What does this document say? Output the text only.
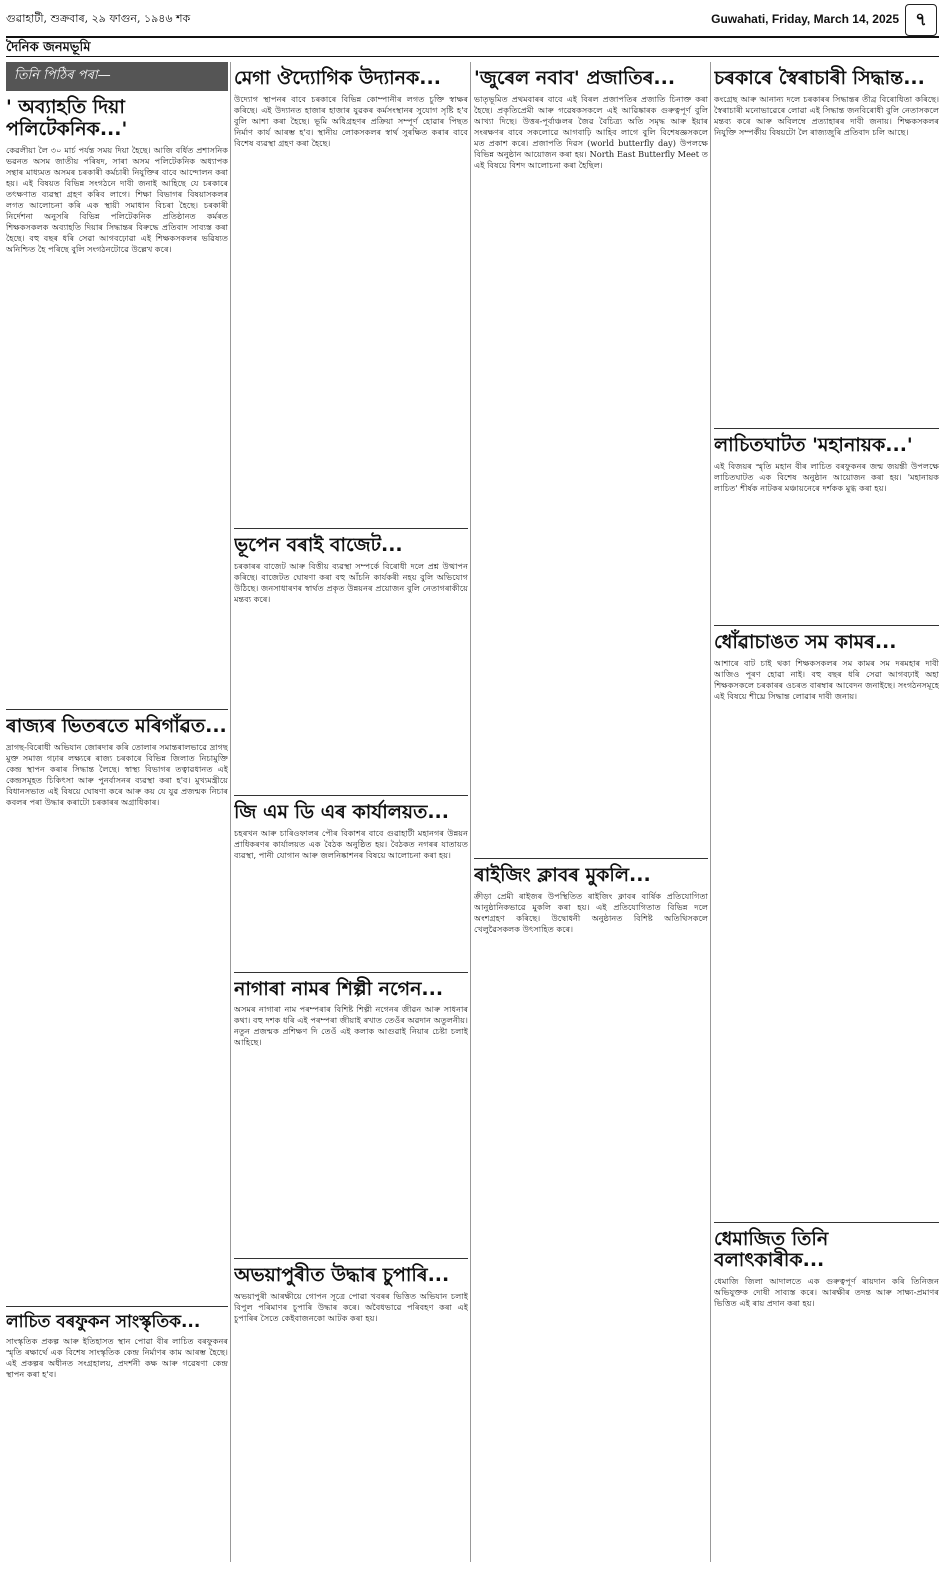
গুৱাহাটী, শুক্ৰবাৰ, ২৯ ফাগুন, ১৯৪৬ শক	Guwahati, Friday, March 14, 2025 ৭
দৈনিক জনমভূমি
তিনি পিঠিৰ পৰা—
' অব্যাহতি দিয়া পলিটেকনিক...'

কেৱলীয়া লৈ ৩০ মাৰ্চ পৰ্যন্ত সময় দিয়া হৈছে। আজি বৰ্ধিত প্ৰশাসনিক ভৱনত অসম জাতীয় পৰিষদ, সাৰা অসম পলিটেকনিক অধ্যাপক সন্থাৰ মাধ্যমত অসমৰ চৰকাৰী কৰ্মচাৰী নিযুক্তিৰ বাবে আন্দোলন কৰা হয়। এই বিষয়ত বিভিন্ন সংগঠনে দাবী জনাই আহিছে যে চৰকাৰে তৎক্ষণাত ব্যৱস্থা গ্ৰহণ কৰিব লাগে। শিক্ষা বিভাগৰ বিষয়াসকলৰ লগত আলোচনা কৰি এক স্থায়ী সমাধান বিচৰা হৈছে। চৰকাৰী নিৰ্দেশনা অনুসৰি বিভিন্ন পলিটেকনিক প্ৰতিষ্ঠানত কৰ্মৰত শিক্ষকসকলক অব্যাহতি দিয়াৰ সিদ্ধান্তৰ বিৰুদ্ধে প্ৰতিবাদ সাব্যস্ত কৰা হৈছে। বহু বছৰ ধৰি সেৱা আগবঢ়োৱা এই শিক্ষকসকলৰ ভৱিষ্যত অনিশ্চিত হৈ পৰিছে বুলি সংগঠনটোৱে উল্লেখ কৰে।

ৰাজ্যৰ ভিতৰতে মৰিগাঁৱত...

দ্ৰাগছ-বিৰোধী অভিযান জোৰদাৰ কৰি তোলাৰ সমান্তৰালভাৱে দ্ৰাগছ মুক্ত সমাজ গঢ়াৰ লক্ষ্যৰে ৰাজ্য চৰকাৰে বিভিন্ন জিলাত নিচামুক্তি কেন্দ্ৰ স্থাপন কৰাৰ সিদ্ধান্ত লৈছে। স্বাস্থ্য বিভাগৰ তত্বাৱধানত এই কেন্দ্ৰসমূহত চিকিৎসা আৰু পুনৰ্বাসনৰ ব্যৱস্থা কৰা হ'ব। মুখ্যমন্ত্ৰীয়ে বিধানসভাত এই বিষয়ে ঘোষণা কৰে আৰু কয় যে যুৱ প্ৰজন্মক নিচাৰ কবলৰ পৰা উদ্ধাৰ কৰাটো চৰকাৰৰ অগ্ৰাধিকাৰ।

লাচিত বৰফুকন সাংস্কৃতিক...

সাংস্কৃতিক প্ৰকল্প আৰু ইতিহাসত স্থান পোৱা বীৰ লাচিত বৰফুকনৰ স্মৃতি ৰক্ষাৰ্থে এক বিশেষ সাংস্কৃতিক কেন্দ্ৰ নিৰ্মাণৰ কাম আৰম্ভ হৈছে। এই প্ৰকল্পৰ অধীনত সংগ্ৰহালয়, প্ৰদৰ্শনী কক্ষ আৰু গৱেষণা কেন্দ্ৰ স্থাপন কৰা হ'ব।

মেগা ঔদ্যোগিক উদ্যানক...

উদ্যোগ স্থাপনৰ বাবে চৰকাৰে বিভিন্ন কোম্পানীৰ লগত চুক্তি স্বাক্ষৰ কৰিছে। এই উদ্যানত হাজাৰ হাজাৰ যুৱকৰ কৰ্মসংস্থানৰ সুযোগ সৃষ্টি হ'ব বুলি আশা কৰা হৈছে। ভূমি অধিগ্ৰহণৰ প্ৰক্ৰিয়া সম্পূৰ্ণ হোৱাৰ পিছত নিৰ্মাণ কাৰ্য আৰম্ভ হ'ব। স্থানীয় লোকসকলৰ স্বাৰ্থ সুৰক্ষিত কৰাৰ বাবে বিশেষ ব্যৱস্থা গ্ৰহণ কৰা হৈছে।

ভূপেন বৰাই বাজেট...

চৰকাৰৰ বাজেট আৰু বিত্তীয় ব্যৱস্থা সম্পৰ্কে বিৰোধী দলে প্ৰশ্ন উত্থাপন কৰিছে। বাজেটত ঘোষণা কৰা বহু আঁচনি কাৰ্যকৰী নহয় বুলি অভিযোগ উঠিছে। জনসাধাৰণৰ স্বাৰ্থত প্ৰকৃত উন্নয়নৰ প্ৰয়োজন বুলি নেতাগৰাকীয়ে মন্তব্য কৰে।

জি এম ডি এৰ কাৰ্যালয়ত...

চহৰখন আৰু চাৰিওফালৰ পৌৰ বিকাশৰ বাবে গুৱাহাটী মহানগৰ উন্নয়ন প্ৰাধিকৰণৰ কাৰ্যালয়ত এক বৈঠক অনুষ্ঠিত হয়। বৈঠকত নগৰৰ যাতায়ত ব্যৱস্থা, পানী যোগান আৰু জলনিষ্কাশনৰ বিষয়ে আলোচনা কৰা হয়।

নাগাৰা নামৰ শিল্পী নগেন...

অসমৰ নাগাৰা নাম পৰম্পৰাৰ বিশিষ্ট শিল্পী নগেনৰ জীৱন আৰু সাধনাৰ কথা। বহু দশক ধৰি এই পৰম্পৰা জীয়াই ৰখাত তেওঁৰ অৱদান অতুলনীয়। নতুন প্ৰজন্মক প্ৰশিক্ষণ দি তেওঁ এই কলাক আগুৱাই নিয়াৰ চেষ্টা চলাই আহিছে।

অভয়াপুৰীত উদ্ধাৰ চুপাৰি...

অভয়াপুৰী আৰক্ষীয়ে গোপন সূত্ৰে পোৱা খবৰৰ ভিত্তিত অভিযান চলাই বিপুল পৰিমাণৰ চুপাৰি উদ্ধাৰ কৰে। অবৈধভাৱে পৰিবহণ কৰা এই চুপাৰিৰ সৈতে কেইবাজনকো আটক কৰা হয়।

'জুৰেল নবাব' প্ৰজাতিৰ...

ভাতৃভূমিত প্ৰথমবাৰৰ বাবে এই বিৰল প্ৰজাপতিৰ প্ৰজাতি চিনাক্ত কৰা হৈছে। প্ৰকৃতিপ্ৰেমী আৰু গৱেষকসকলে এই আৱিষ্কাৰক গুৰুত্বপূৰ্ণ বুলি আখ্যা দিছে। উত্তৰ-পূৰ্বাঞ্চলৰ জৈৱ বৈচিত্ৰ্য অতি সমৃদ্ধ আৰু ইয়াৰ সংৰক্ষণৰ বাবে সকলোৱে আগবাঢ়ি আহিব লাগে বুলি বিশেষজ্ঞসকলে মত প্ৰকাশ কৰে। প্ৰজাপতি দিৱস (world butterfly day) উপলক্ষে বিভিন্ন অনুষ্ঠান আয়োজন কৰা হয়। North East Butterfly Meet ত এই বিষয়ে বিশদ আলোচনা কৰা হৈছিল।

ৰাইজিং ক্লাবৰ মুকলি...

ক্ৰীড়া প্ৰেমী ৰাইজৰ উপস্থিতিত ৰাইজিং ক্লাবৰ বাৰ্ষিক প্ৰতিযোগিতা আনুষ্ঠানিকভাৱে মুকলি কৰা হয়। এই প্ৰতিযোগিতাত বিভিন্ন দলে অংশগ্ৰহণ কৰিছে। উদ্বোধনী অনুষ্ঠানত বিশিষ্ট অতিথিসকলে খেলুৱৈসকলক উৎসাহিত কৰে।

চৰকাৰে স্বৈৰাচাৰী সিদ্ধান্ত...

কংগ্ৰেছ আৰু আনান্য দলে চৰকাৰৰ সিদ্ধান্তৰ তীব্ৰ বিৰোধিতা কৰিছে। স্বৈৰাচাৰী মনোভাৱেৰে লোৱা এই সিদ্ধান্ত জনবিৰোধী বুলি নেতাসকলে মন্তব্য কৰে আৰু অবিলম্বে প্ৰত্যাহাৰৰ দাবী জনায়। শিক্ষকসকলৰ নিযুক্তি সম্পৰ্কীয় বিষয়টো লৈ ৰাজ্যজুৰি প্ৰতিবাদ চলি আছে।

লাচিতঘাটত 'মহানায়ক...'

এই বিজয়ৰ স্মৃতি মহান বীৰ লাচিত বৰফুকনৰ জন্ম জয়ন্তী উপলক্ষে লাচিতঘাটত এক বিশেষ অনুষ্ঠান আয়োজন কৰা হয়। 'মহানায়ক লাচিত' শীৰ্ষক নাটকৰ মঞ্চায়নেৰে দৰ্শকক মুগ্ধ কৰা হয়।

ধোঁৱাচাঙত সম কামৰ...

আশাৰে বাট চাই থকা শিক্ষকসকলৰ সম কামৰ সম দৰমহাৰ দাবী আজিও পূৰণ হোৱা নাই। বহু বছৰ ধৰি সেৱা আগবঢ়াই অহা শিক্ষকসকলে চৰকাৰৰ ওচৰত বাৰম্বাৰ আবেদন জনাইছে। সংগঠনসমূহে এই বিষয়ে শীঘ্ৰে সিদ্ধান্ত লোৱাৰ দাবী জনায়।

ধেমাজিত তিনি বলাৎকাৰীক...

ধেমাজি জিলা আদালতে এক গুৰুত্বপূৰ্ণ ৰায়দান কৰি তিনিজন অভিযুক্তক দোষী সাব্যস্ত কৰে। আৰক্ষীৰ তদন্ত আৰু সাক্ষ্য-প্ৰমাণৰ ভিত্তিত এই ৰায় প্ৰদান কৰা হয়।
